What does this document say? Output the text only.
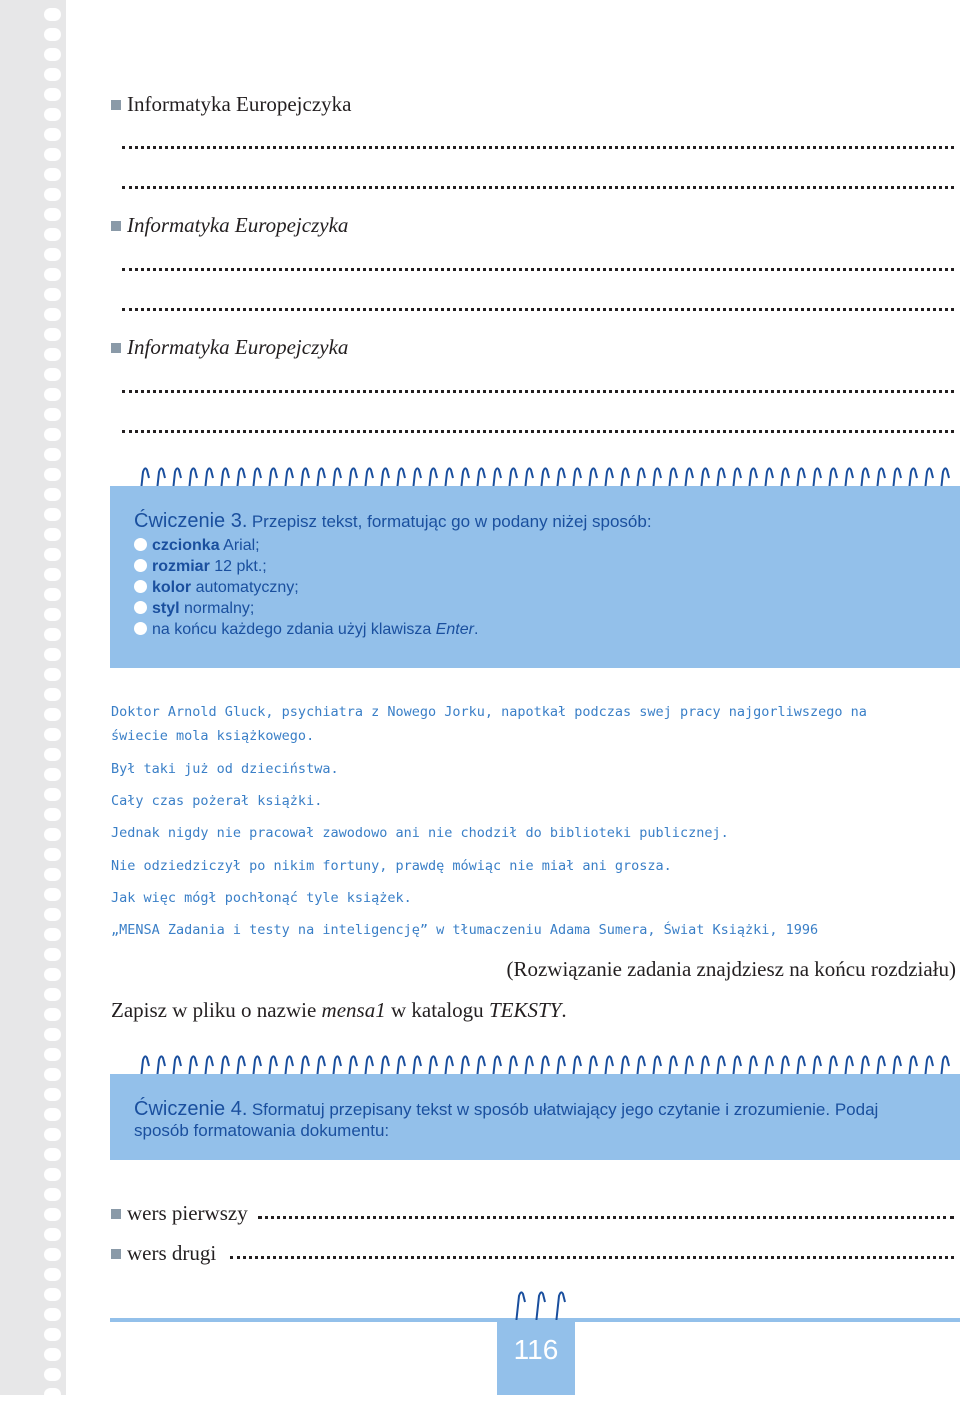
Informatyka Europejczyka
Informatyka Europejczyka
Informatyka Europejczyka
Ćwiczenie 3. Przepisz tekst, formatując go w podany niżej sposób:
czcionka Arial;
rozmiar 12 pkt.;
kolor automatyczny;
styl normalny;
na końcu każdego zdania użyj klawisza Enter.
Doktor Arnold Gluck, psychiatra z Nowego Jorku, napotkał podczas swej pracy najgorliwszego na
świecie mola książkowego.
Był taki już od dzieciństwa.
Cały czas pożerał książki.
Jednak nigdy nie pracował zawodowo ani nie chodził do biblioteki publicznej.
Nie odziedziczył po nikim fortuny, prawdę mówiąc nie miał ani grosza.
Jak więc mógł pochłonąć tyle książek.
„MENSA Zadania i testy na inteligencję” w tłumaczeniu Adama Sumera, Świat Książki, 1996
(Rozwiązanie zadania znajdziesz na końcu rozdziału)
Zapisz w pliku o nazwie mensa1 w katalogu TEKSTY.
Ćwiczenie 4. Sformatuj przepisany tekst w sposób ułatwiający jego czytanie i zrozumienie. Podaj
sposób formatowania dokumentu:
wers pierwszy
wers drugi
116
